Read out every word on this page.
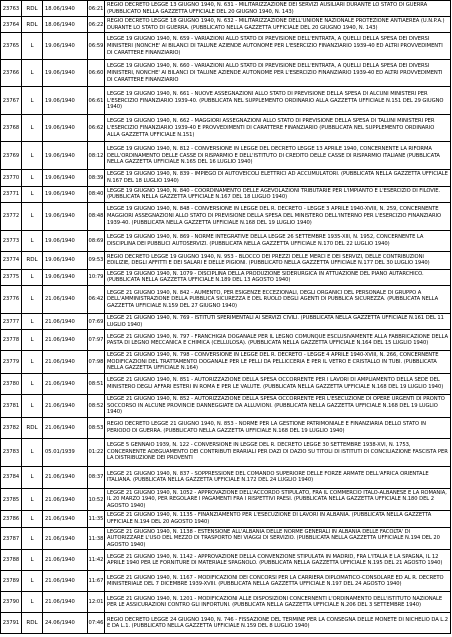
23763	RDL	18.06/1940	06:21	REGIO DECRETO LEGGE 13 GIUGNO 1940, N. 631 - MILITARIZZAZIONE DEI SERVIZI AUSILIARI DURANTE LO STATO DI GUERRA (PUBBLICATO NELLA GAZZETTA UFFICIALE DEL 20 GIUGNO 1940, N. 143)
23764	RDL	18.06/1940	06:22	REGIO DECRETO LEGGE 18 GIUGNO 1940, N. 632 - MILITARIZZAZIONE DELL'UNIONE NAZIONALE PROTEZIONE ANTIAEREA (U.N.P.A.) DURANTE LO STATO DI GUERRA. (PUBBLICATO NELLA GAZZETTA UFFICIALE DEL 20 GIUGNO 1940, N. 143)
23765	L	19.06/1940	06:59	LEGGE 19 GIUGNO 1940, N. 659 - VARIAZIONI ALLO STATO DI PREVISIONE DELL'ENTRATA, A QUELLI DELLA SPESA DEI DIVERSI MINISTERI (NONCHE' AI BILANCI DI TALUNE AZIENDE AUTONOME PER L'ESERCIZIO FINANZIARIO 1939-40 ED ALTRI PROVVEDIMENTI DI CARATTERE FINANZIARIO)
23766	L	19.06/1940	06:60	LEGGE 19 GIUGNO 1940, N. 660 - VARIAZIONI ALLO STATO DI PREVISIONE DELL'ENTRATA, A QUELLI DELLA SPESA DEI DIVERSI MINISTERI, NONCHE' AI BILANCI DI TALUNE AZIENDE AUTONOME PER L'ESERCIZIO FINANZIARIO 1939-40 ED ALTRI PROVVEDIMENTI DI CARATTERE FINANZIARIO
23767	L	19.06/1940	06:61	LEGGE 19 GIUGNO 1940, N. 661 - NUOVE ASSEGNAZIONI ALLO STATO DI PREVISIONE DELLA SPESA DI ALCUNI MINISTERI PER L'ESERCIZIO FINANZIARIO 1939-40. (PUBBLICATA NEL SUPPLEMENTO ORDINARIO ALLA GAZZETTA UFFICIALE N.151 DEL 29 GIUGNO 1940)
23768	L	19.06/1940	06:62	LEGGE 19 GIUGNO 1940, N. 662 - MAGGIORI ASSEGNAZIONI ALLO STATO DI PREVISIONE DELLA SPESA DI TALUNI MINISTERI PER L'ESERCIZIO FINANZIARIO 1939-40 E PROVVEDIMENTI DI CARATTERE FINANZIARIO (PUBBLICATA NEL SUPPLEMENTO ORDINARIO ALLA GAZZETTA UFFICIALE N.151)
23769	L	19.06/1940	08:12	LEGGE 19 GIUGNO 1940, N. 812 - CONVERSIONE IN LEGGE DEL DECRETO LEGGE 13 APRILE 1940, CONCERNENTE LA RIFORMA DELL'ORDINAMENTO DELLE CASSE DI RISPARMIO E DELL'ISTITUTO DI CREDITO DELLE CASSE DI RISPARMIO ITALIANE (PUBBLICATA NELLA GAZZETTA UFFICIALE N.165 DEL 16 LUGLIO 1940)
23770	L	19.06/1940	08:39	LEGGE 19 GIUGNO 1940, N. 839 - IMPIEGO DI AUTOVEICOLI ELETTRICI AD ACCUMULATORI. (PUBBLICATA NELLA GAZZETTA UFFICIALE N.167 DEL 18 LUGLIO 1940)
23771	L	19.06/1940	08:40	LEGGE 19 GIUGNO 1940, N. 840 - COORDINAMENTO DELLE AGEVOLAZIONI TRIBUTARIE PER L'IMPIANTO E L'ESERCIZIO DI FILOVIE. (PUBBLICATA NELLA GAZZETTA UFFICIALE N.167 DEL 18 LUGLIO 1940)
23772	L	19.06/1940	08:48	LEGGE 19 GIUGNO 1940, N. 848 - CONVERSIONE IN LEGGE DEL R. DECRETO - LEGGE 3 APRILE 1940-XVIII, N. 259, CONCERNENTE MAGGIORI ASSEGNAZIONI ALLO STATO DI PREVISIONE DELLA SPESA DEL MINISTERO DELL'INTERNO PER L'ESERCIZIO FINANZIARIO 1939-40. (PUBBLICATA NELLA GAZZETTA UFFICIALE N.168 DEL 19 LUGLIO 1940)
23773	L	19.06/1940	08:69	LEGGE 19 GIUGNO 1940, N. 869 - NORME INTEGRATIVE DELLA LEGGE 26 SETTEMBRE 1935-XIII, N. 1952, CONCERNENTE LA DISCIPLINA DEI PUBBLICI AUTOSERVIZI. (PUBBLICATA NELLA GAZZETTA UFFICIALE N.170 DEL 22 LUGLIO 1940)
23774	RDL	19.06/1940	09:53	REGIO DECRETO LEGGE 19 GIUGNO 1940, N. 953 - BLOCCO DEI PREZZI DELLE MERCI E DEI SERVIZI, DELLE CONTRIBUZIONI EDILIZIE, DEGLI AFFITTI E DEI SALARI E DELLE PIGIONI. (PUBBLICATO NELLA GAZZETTA UFFICIALE N.177 DEL 30 LUGLIO 1940)
23775	L	19.06/1940	10:79	LEGGE 19 GIUGNO 1940, N. 1079 - DISCIPLINA DELLA PRODUZIONE SIDERURGICA IN ATTUAZIONE DEL PIANO AUTARCHICO. (PUBBLICATA NELLA GAZZETTA UFFICIALE N.189 DEL 13 AGOSTO 1940)
23776	L	21.06/1940	06:42	LEGGE 21 GIUGNO 1940, N. 842 - AUMENTO, PER ESIGENZE ECCEZIONALI, DEGLI ORGANICI DEL PERSONALE DI GRUPPO A DELL'AMMINISTRAZIONE DELLA PUBBLICA SICUREZZA E DEL RUOLO DEGLI AGENTI DI PUBBLICA SICUREZZA. (PUBBLICATA NELLA GAZZETTA UFFICIALE N.159 DEL 27 GIUGNO 1940)
23777	L	21.06/1940	07:69	LEGGE 21 GIUGNO 1940, N. 769 - ISTITUTI SPERIMENTALI AI SERVIZI CIVILI. (PUBBLICATA NELLA GAZZETTA UFFICIALE N.161 DEL 11 LUGLIO 1940)
23778	L	21.06/1940	07:97	LEGGE 21 GIUGNO 1940, N. 797 - FRANCHIGIA DOGANALE PER IL LEGNO COMUNQUE ESCLUSIVAMENTE ALLA FABBRICAZIONE DELLA PASTA DI LEGNO MECCANICA E CHIMICA (CELLULOSA). (PUBBLICATA NELLA GAZZETTA UFFICIALE N.164 DEL 15 LUGLIO 1940)
23779	L	21.06/1940	07:98	LEGGE 21 GIUGNO 1940, N. 798 - CONVERSIONE IN LEGGE DEL R. DECRETO - LEGGE 4 APRILE 1940-XVIII, N. 266, CONCERNENTE MODIFICAZIONI DEL TRATTAMENTO DOGANALE PER LE PELLI DA PELLICCERIA E PER IL VETRO E CRISTALLO IN TUBI. (PUBBLICATA NELLA GAZZETTA UFFICIALE N.164)
23780	L	21.06/1940	08:51	LEGGE 21 GIUGNO 1940, N. 851 - AUTORIZZAZIONE DELLA SPESA OCCORRENTE PER I LAVORI DI AMPLIAMENTO DELLA SEDE DEL MINISTERO DEGLI AFFARI ESTERI IN ROMA E PER LE VALUTE. (PUBBLICATA NELLA GAZZETTA UFFICIALE N.168 DEL 19 LUGLIO 1940)
23781	L	21.06/1940	08:52	LEGGE 21 GIUGNO 1940, N. 852 - AUTORIZZAZIONE DELLA SPESA OCCORRENTE PER L'ESECUZIONE DI OPERE URGENTI DI PRONTO SOCCORSO IN ALCUNE PROVINCIE DANNEGGIATE DA ALLUVIONI. (PUBBLICATA NELLA GAZZETTA UFFICIALE N.168 DEL 19 LUGLIO 1940)
23782	RDL	21.06/1940	08:53	REGIO DECRETO LEGGE 21 GIUGNO 1940, N. 853 - NORME PER LA GESTIONE PATRIMONIALE E FINANZIARIA DELLO STATO IN PERIODO DI GUERRA. (PUBBLICATO NELLA GAZZETTA UFFICIALE N.168 DEL 19 LUGLIO 1940)
23783	L	05.01/1939	01:22	LEGGE 5 GENNAIO 1939, N. 122 - CONVERSIONE IN LEGGE DEL R. DECRETO LEGGE 30 SETTEMBRE 1938-XVI, N. 1753, CONCERNENTE ADEGUAMENTO DEI CONTRIBUTI ERARIALI PER DAZI DI DAZIO SU TITOLI DI ISTITUTI DI CONCILIAZIONE FASCISTA PER LA DISTRIBUZIONE DEI PROVENTI
23784	L	21.06/1940	08:37	LEGGE 21 GIUGNO 1940, N. 837 - SOPPRESSIONE DEL COMANDO SUPERIORE DELLE FORZE ARMATE DELL'AFRICA ORIENTALE ITALIANA. (PUBBLICATA NELLA GAZZETTA UFFICIALE N.172 DEL 24 LUGLIO 1940)
23785	L	21.06/1940	10:52	LEGGE 21 GIUGNO 1940, N. 1052 - APPROVAZIONE DELL'ACCORDO STIPULATO, FRA IL COMMERCIO ITALO-ALBANESE E LA ROMANIA, IL 20 MARZO 1940, PER REGOLARE I PAGAMENTI FRA I RISPETTIVI PAESI. (PUBBLICATA NELLA GAZZETTA UFFICIALE N.180 DEL 2 AGOSTO 1940)
23786	L	21.06/1940	11:35	LEGGE 21 GIUGNO 1940, N. 1135 - FINANZIAMENTO PER L'ESECUZIONE DI LAVORI IN ALBANIA. (PUBBLICATA NELLA GAZZETTA UFFICIALE N.194 DEL 20 AGOSTO 1940)
23787	L	21.06/1940	11:38	LEGGE 21 GIUGNO 1940, N. 1138 - ESTENSIONE ALL'ALBANIA DELLE NORME GENERALI IN ALBANIA DELLE FACOLTA' DI AUTORIZZARE L'USO DEL MEZZO DI TRASPORTO NEI VIAGGI DI SERVIZIO. (PUBBLICATA NELLA GAZZETTA UFFICIALE N.194 DEL 20 AGOSTO 1940)
23788	L	21.06/1940	11:42	LEGGE 21 GIUGNO 1940, N. 1142 - APPROVAZIONE DELLA CONVENZIONE STIPULATA IN MADRID, FRA L'ITALIA E LA SPAGNA, IL 12 APRILE 1940 PER LE FORNITURE DI MATERIALE SPAGNOLO. (PUBBLICATA NELLA GAZZETTA UFFICIALE N.195 DEL 21 AGOSTO 1940)
23789	L	21.06/1940	11:67	LEGGE 21 GIUGNO 1940, N. 1167 - MODIFICAZIONI DEI CONCORSI PER LA CARRIERA DIPLOMATICO-CONSOLARE ED AL R. DECRETO MINISTERIALE DEL 7 DICEMBRE 1939-XVIII. (PUBBLICATA NELLA GAZZETTA UFFICIALE N.197 DEL 24 AGOSTO 1940)
23790	L	21.06/1940	12:01	LEGGE 21 GIUGNO 1940, N. 1201 - MODIFICAZIONI ALLE DISPOSIZIONI CONCERNENTI L'ORDINAMENTO DELL'ISTITUTO NAZIONALE PER LE ASSICURAZIONI CONTRO GLI INFORTUNI. (PUBBLICATA NELLA GAZZETTA UFFICIALE N.206 DEL 3 SETTEMBRE 1940)
23791	RDL	24.06/1940	07:46	REGIO DECRETO LEGGE 24 GIUGNO 1940, N. 746 - FISSAZIONE DEL TERMINE PER LA CONSEGNA DELLE MONETE DI NICHELIO DA L.2 E DA L.1. (PUBBLICATO NELLA GAZZETTA UFFICIALE N.159 DEL 8 LUGLIO 1940)
